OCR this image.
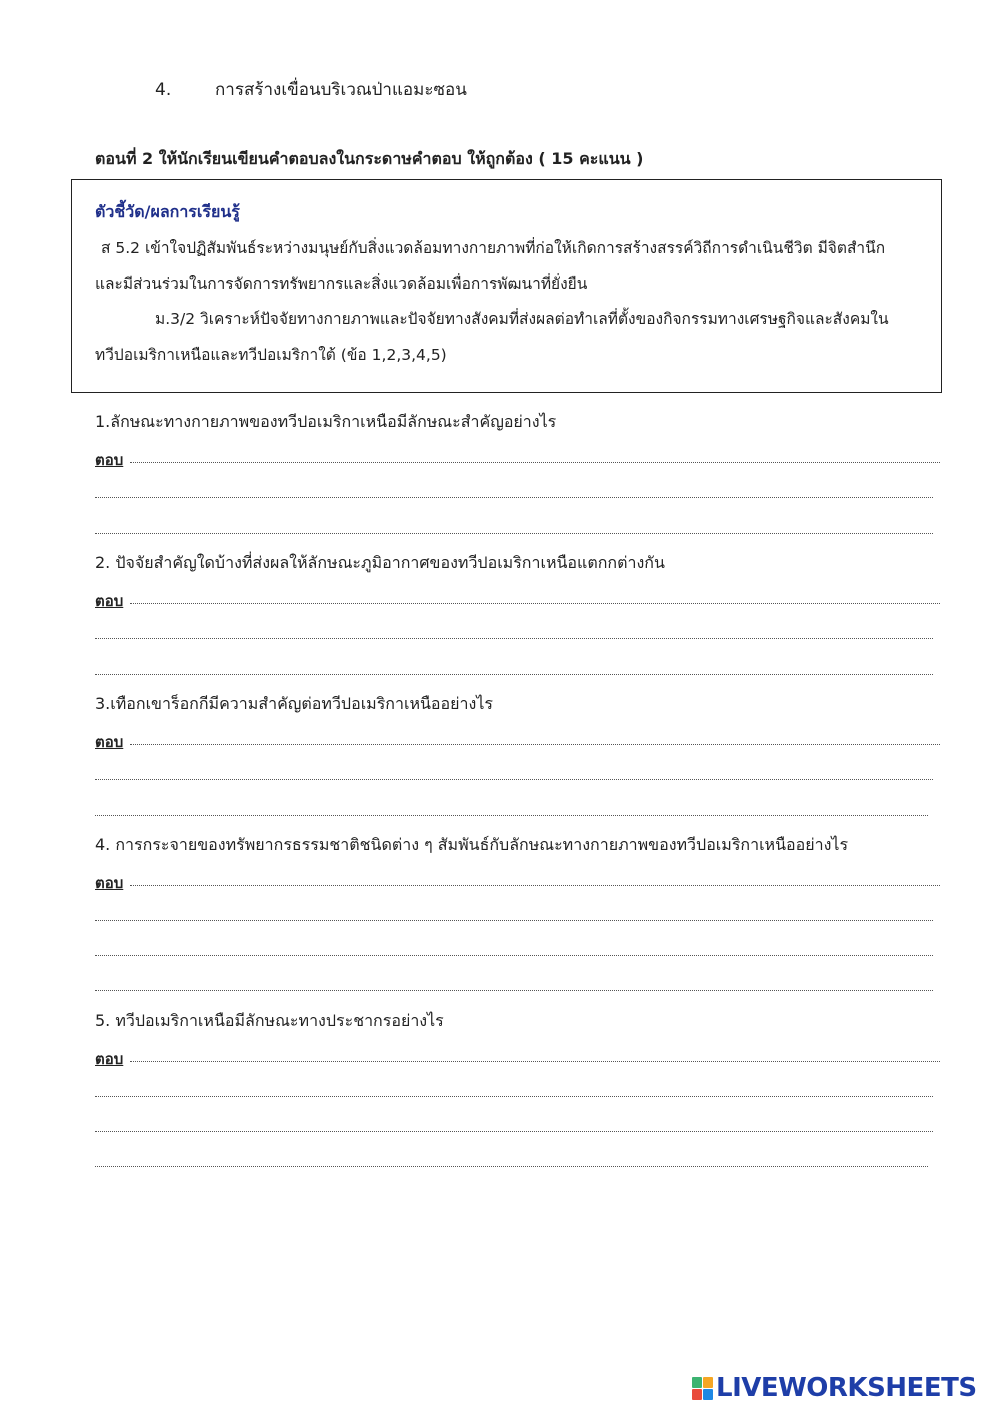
4.	การสร้างเขื่อนบริเวณป่าแอมะซอน
ตอนที่ 2 ให้นักเรียนเขียนคำตอบลงในกระดาษคำตอบ ให้ถูกต้อง ( 15 คะแนน )
ตัวชี้วัด/ผลการเรียนรู้
ส 5.2 เข้าใจปฏิสัมพันธ์ระหว่างมนุษย์กับสิ่งแวดล้อมทางกายภาพที่ก่อให้เกิดการสร้างสรรค์วิถีการดำเนินชีวิต มีจิตสำนึก
และมีส่วนร่วมในการจัดการทรัพยากรและสิ่งแวดล้อมเพื่อการพัฒนาที่ยั่งยืน
ม.3/2 วิเคราะห์ปัจจัยทางกายภาพและปัจจัยทางสังคมที่ส่งผลต่อทำเลที่ตั้งของกิจกรรมทางเศรษฐกิจและสังคมใน
ทวีปอเมริกาเหนือและทวีปอเมริกาใต้ (ข้อ 1,2,3,4,5)
1.ลักษณะทางกายภาพของทวีปอเมริกาเหนือมีลักษณะสำคัญอย่างไร
ตอบ
2. ปัจจัยสำคัญใดบ้างที่ส่งผลให้ลักษณะภูมิอากาศของทวีปอเมริกาเหนือแตกกต่างกัน
ตอบ
3.เทือกเขาร็อกกีมีความสำคัญต่อทวีปอเมริกาเหนืออย่างไร
ตอบ
4. การกระจายของทรัพยากรธรรมชาติชนิดต่าง ๆ สัมพันธ์กับลักษณะทางกายภาพของทวีปอเมริกาเหนืออย่างไร
ตอบ
5. ทวีปอเมริกาเหนือมีลักษณะทางประชากรอย่างไร
ตอบ
LIVEWORKSHEETS
